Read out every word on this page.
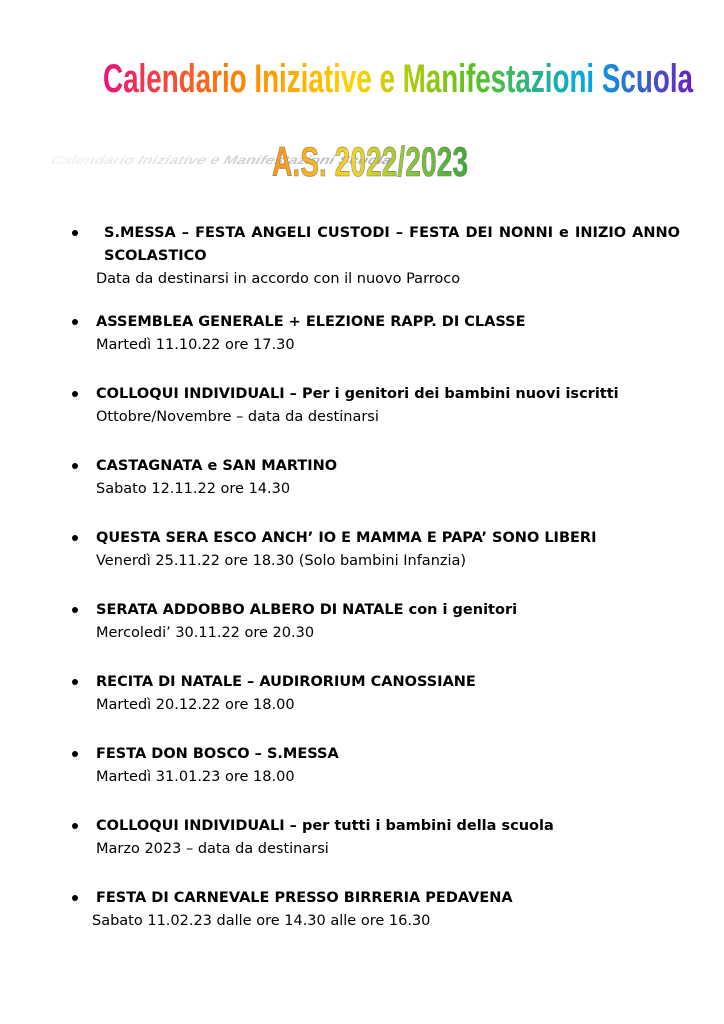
Calendario Iniziative e Manifestazioni Scuola
Calendario Iniziative e Manifestazioni Scuola
A.S. 2022/2023
S.MESSA – FESTA ANGELI CUSTODI – FESTA DEI NONNI e INIZIO ANNO SCOLASTICO
Data da destinarsi in accordo con il nuovo Parroco
ASSEMBLEA GENERALE + ELEZIONE RAPP. DI CLASSE
Martedì 11.10.22 ore 17.30
COLLOQUI INDIVIDUALI – Per i genitori dei bambini nuovi iscritti
Ottobre/Novembre – data da destinarsi
CASTAGNATA e SAN MARTINO
Sabato 12.11.22 ore 14.30
QUESTA SERA ESCO ANCH’ IO E MAMMA E PAPA’ SONO LIBERI
Venerdì 25.11.22 ore 18.30 (Solo bambini Infanzia)
SERATA ADDOBBO ALBERO DI NATALE con i genitori
Mercoledi’ 30.11.22 ore 20.30
RECITA DI NATALE – AUDIRORIUM CANOSSIANE
Martedì 20.12.22 ore 18.00
FESTA DON BOSCO – S.MESSA
Martedì 31.01.23 ore 18.00
COLLOQUI INDIVIDUALI – per tutti i bambini della scuola
Marzo 2023 – data da destinarsi
FESTA DI CARNEVALE PRESSO BIRRERIA PEDAVENA
Sabato 11.02.23 dalle ore 14.30 alle ore 16.30
